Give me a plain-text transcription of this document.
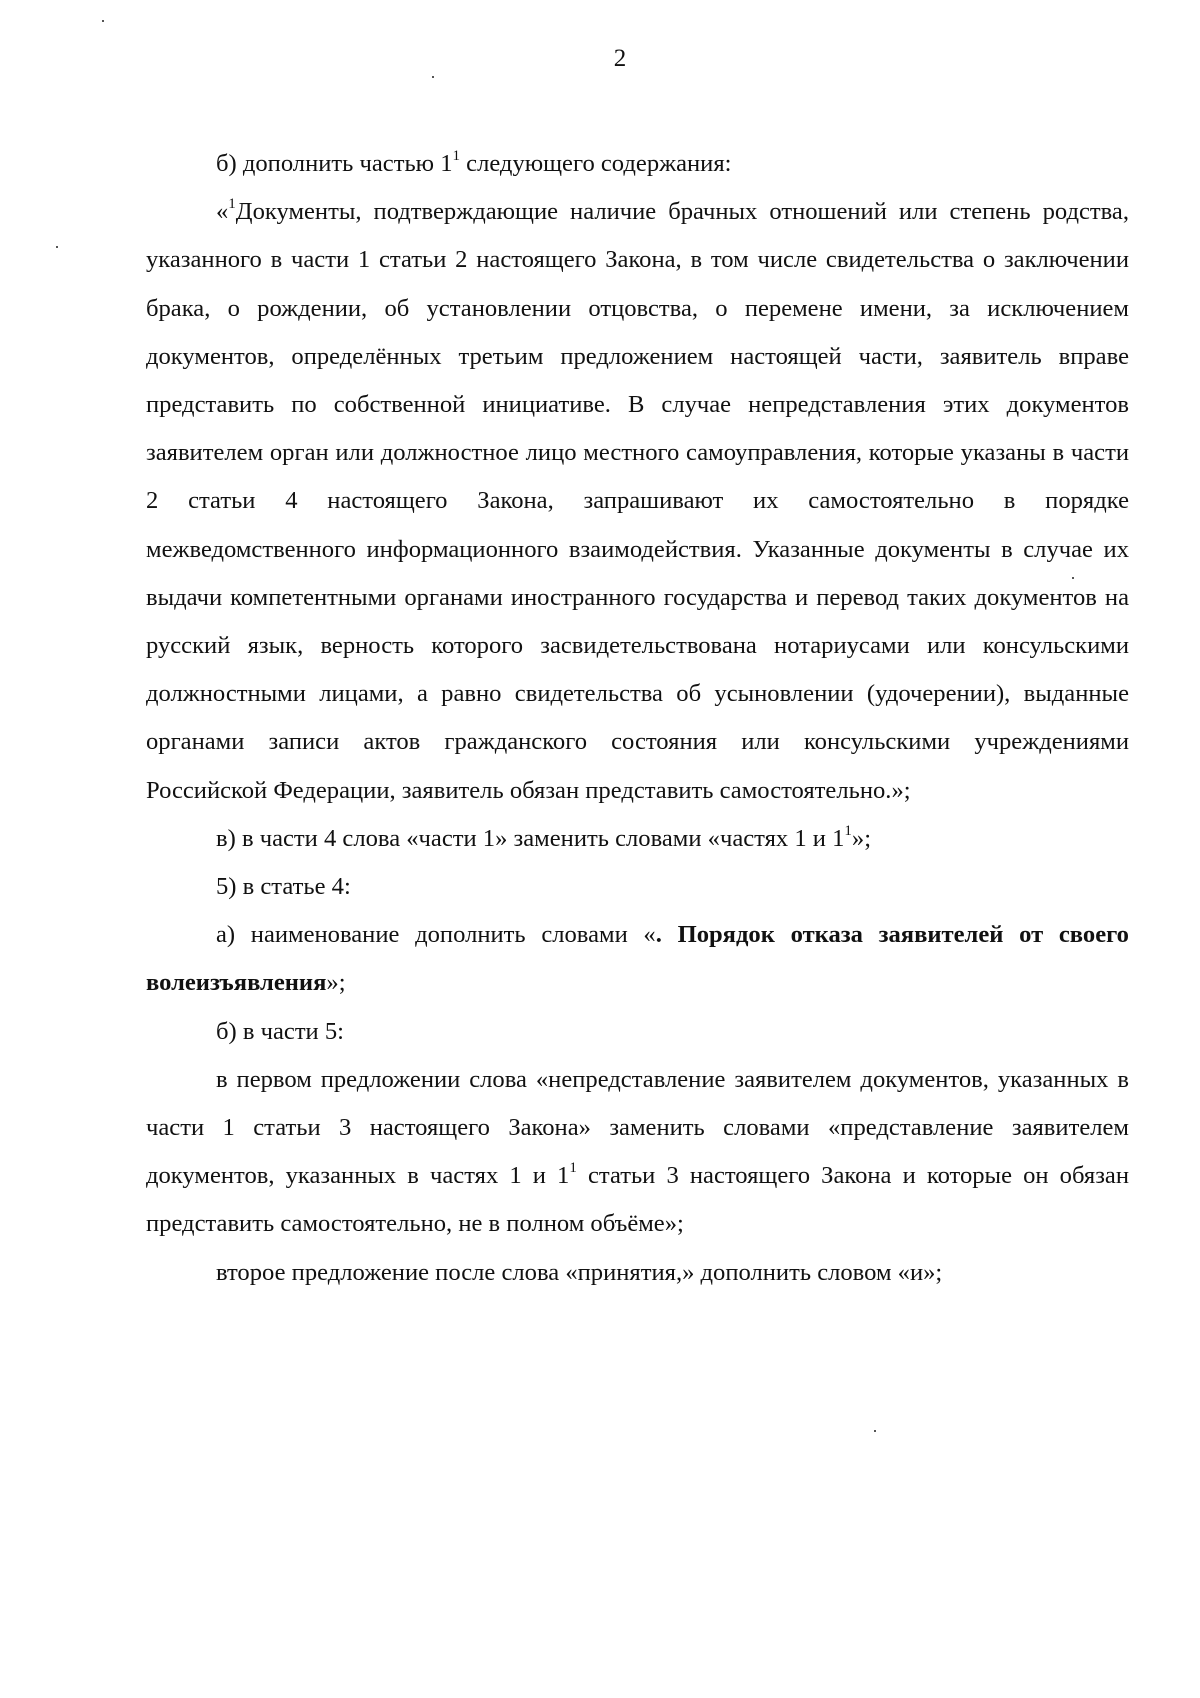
2

б) дополнить частью $1^1$ следующего содержания:

«$^1$Документы, подтверждающие наличие брачных отношений или степень родства, указанного в части 1 статьи 2 настоящего Закона, в том числе свидетельства о заключении брака, о рождении, об установлении отцовства, о перемене имени, за исключением документов, определённых третьим предложением настоящей части, заявитель вправе представить по собственной инициативе. В случае непредставления этих документов заявителем орган или должностное лицо местного самоуправления, которые указаны в части 2 статьи 4 настоящего Закона, запрашивают их самостоятельно в порядке межведомственного информационного взаимодействия. Указанные документы в случае их выдачи компетентными органами иностранного государства и перевод таких документов на русский язык, верность которого засвидетельствована нотариусами или консульскими должностными лицами, а равно свидетельства об усыновлении (удочерении), выданные органами записи актов гражданского состояния или консульскими учреждениями Российской Федерации, заявитель обязан представить самостоятельно.»;

в) в части 4 слова «части 1» заменить словами «частях 1 и $1^1$»;

5) в статье 4:

а) наименование дополнить словами «. Порядок отказа заявителей от своего волеизъявления»;

б) в части 5:

в первом предложении слова «непредставление заявителем документов, указанных в части 1 статьи 3 настоящего Закона» заменить словами «представление заявителем документов, указанных в частях 1 и $1^1$ статьи 3 настоящего Закона и которые он обязан представить самостоятельно, не в полном объёме»;

второе предложение после слова «принятия,» дополнить словом «и»;
